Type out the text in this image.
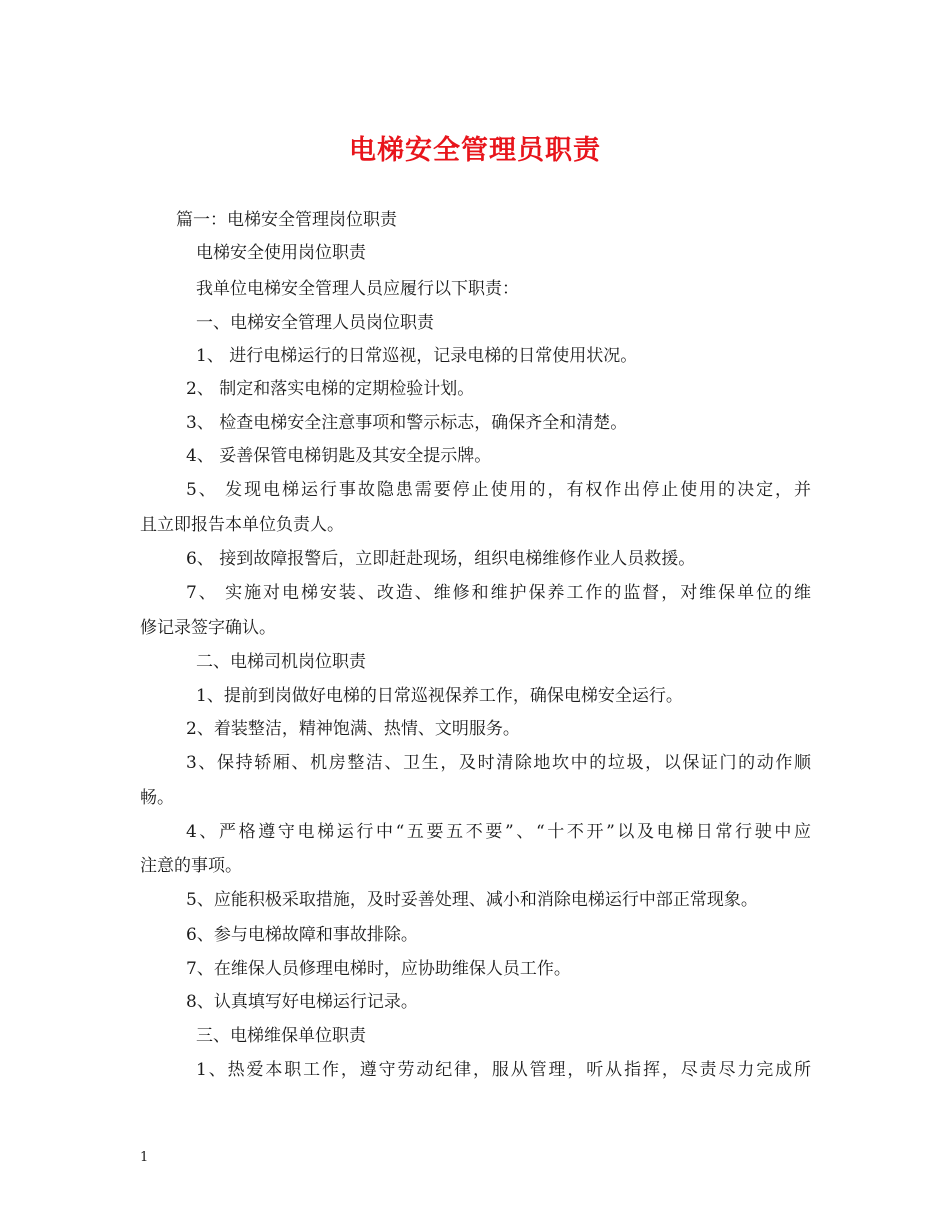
电梯安全管理员职责
篇一：电梯安全管理岗位职责
电梯安全使用岗位职责
我单位电梯安全管理人员应履行以下职责：
一、电梯安全管理人员岗位职责
1、 进行电梯运行的日常巡视，记录电梯的日常使用状况。
2、 制定和落实电梯的定期检验计划。
3、 检查电梯安全注意事项和警示标志，确保齐全和清楚。
4、 妥善保管电梯钥匙及其安全提示牌。
5、 发现电梯运行事故隐患需要停止使用的，有权作出停止使用的决定，并
且立即报告本单位负责人。
6、 接到故障报警后，立即赶赴现场，组织电梯维修作业人员救援。
7、 实施对电梯安装、改造、维修和维护保养工作的监督，对维保单位的维
修记录签字确认。
二、电梯司机岗位职责
1、提前到岗做好电梯的日常巡视保养工作，确保电梯安全运行。
2、着装整洁，精神饱满、热情、文明服务。
3、保持轿厢、机房整洁、卫生，及时清除地坎中的垃圾，以保证门的动作顺
畅。
4、严格遵守电梯运行中“五要五不要”、“十不开”以及电梯日常行驶中应
注意的事项。
5、应能积极采取措施，及时妥善处理、减小和消除电梯运行中部正常现象。
6、参与电梯故障和事故排除。
7、在维保人员修理电梯时，应协助维保人员工作。
8、认真填写好电梯运行记录。
三、电梯维保单位职责
1、热爱本职工作，遵守劳动纪律，服从管理，听从指挥，尽责尽力完成所
1
